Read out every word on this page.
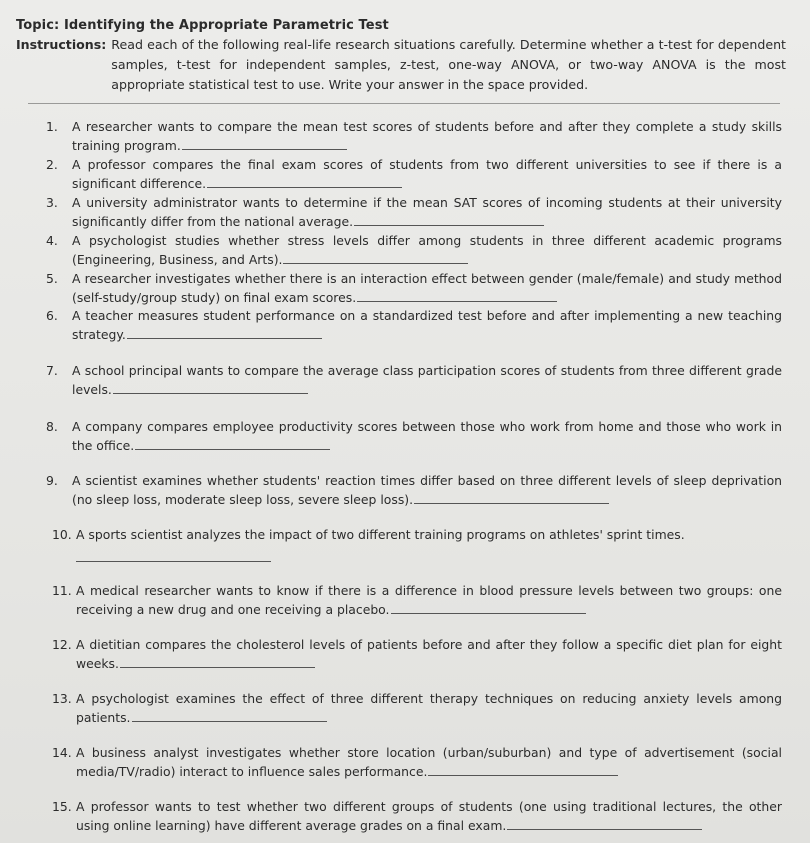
Topic: Identifying the Appropriate Parametric Test
Instructions: Read each of the following real-life research situations carefully. Determine whether a t-test for dependent samples, t-test for independent samples, z-test, one-way ANOVA, or two-way ANOVA is the most appropriate statistical test to use. Write your answer in the space provided.
1. A researcher wants to compare the mean test scores of students before and after they complete a study skills training program.
2. A professor compares the final exam scores of students from two different universities to see if there is a significant difference.
3. A university administrator wants to determine if the mean SAT scores of incoming students at their university significantly differ from the national average.
4. A psychologist studies whether stress levels differ among students in three different academic programs (Engineering, Business, and Arts).
5. A researcher investigates whether there is an interaction effect between gender (male/female) and study method (self-study/group study) on final exam scores.
6. A teacher measures student performance on a standardized test before and after implementing a new teaching strategy.
7. A school principal wants to compare the average class participation scores of students from three different grade levels.
8. A company compares employee productivity scores between those who work from home and those who work in the office.
9. A scientist examines whether students' reaction times differ based on three different levels of sleep deprivation (no sleep loss, moderate sleep loss, severe sleep loss).
10. A sports scientist analyzes the impact of two different training programs on athletes' sprint times.

11. A medical researcher wants to know if there is a difference in blood pressure levels between two groups: one receiving a new drug and one receiving a placebo.
12. A dietitian compares the cholesterol levels of patients before and after they follow a specific diet plan for eight weeks.
13. A psychologist examines the effect of three different therapy techniques on reducing anxiety levels among patients.
14. A business analyst investigates whether store location (urban/suburban) and type of advertisement (social media/TV/radio) interact to influence sales performance.
15. A professor wants to test whether two different groups of students (one using traditional lectures, the other using online learning) have different average grades on a final exam.
